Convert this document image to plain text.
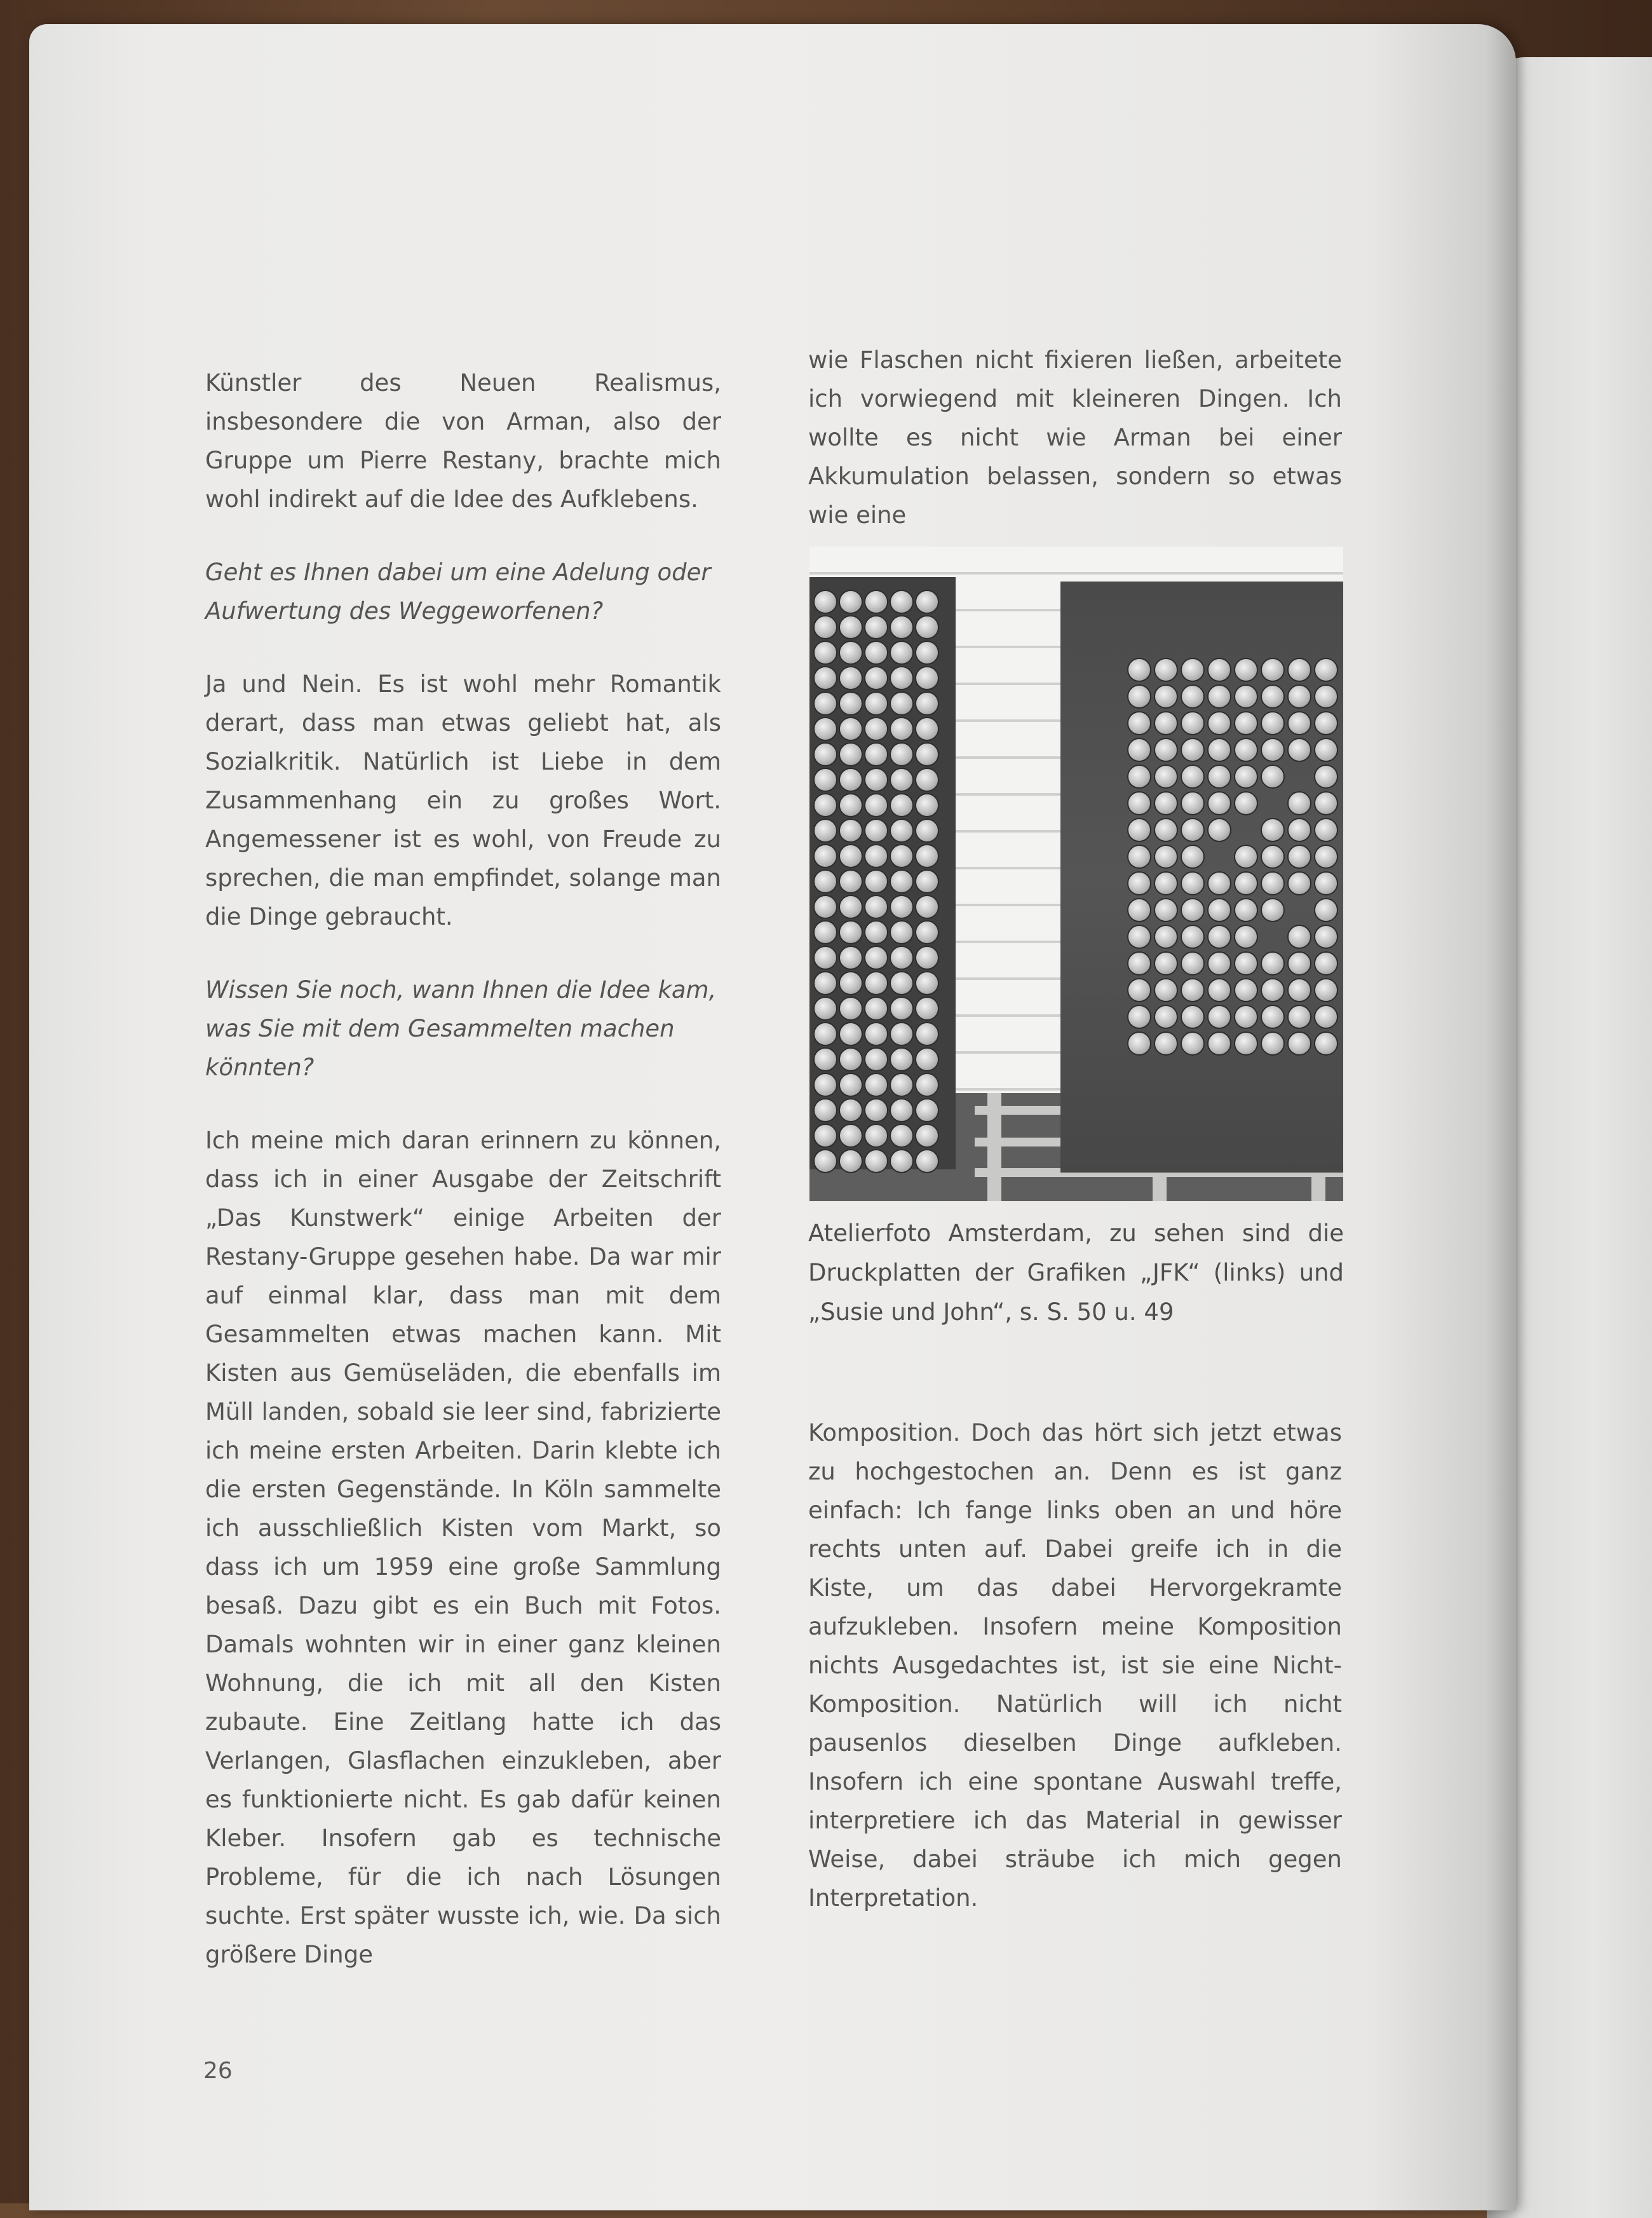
Künstler des Neuen Realismus, insbesondere die von Arman, also der Gruppe um Pierre Restany, brachte mich wohl indirekt auf die Idee des Aufklebens.

Geht es Ihnen dabei um eine Adelung oder Aufwertung des Weggeworfenen?

Ja und Nein. Es ist wohl mehr Romantik derart, dass man etwas geliebt hat, als Sozialkritik. Natürlich ist Liebe in dem Zusammenhang ein zu großes Wort. Angemessener ist es wohl, von Freude zu sprechen, die man empfindet, solange man die Dinge gebraucht.

Wissen Sie noch, wann Ihnen die Idee kam, was Sie mit dem Gesammelten machen könnten?

Ich meine mich daran erinnern zu können, dass ich in einer Ausgabe der Zeitschrift „Das Kunstwerk“ einige Arbeiten der Restany-Gruppe gesehen habe. Da war mir auf einmal klar, dass man mit dem Gesammelten etwas machen kann. Mit Kisten aus Gemüseläden, die ebenfalls im Müll landen, sobald sie leer sind, fabrizierte ich meine ersten Arbeiten. Darin klebte ich die ersten Gegenstände. In Köln sammelte ich ausschließlich Kisten vom Markt, so dass ich um 1959 eine große Sammlung besaß. Dazu gibt es ein Buch mit Fotos. Damals wohnten wir in einer ganz kleinen Wohnung, die ich mit all den Kisten zubaute. Eine Zeitlang hatte ich das Verlangen, Glasflachen einzukleben, aber es funktionierte nicht. Es gab dafür keinen Kleber. Insofern gab es technische Probleme, für die ich nach Lösungen suchte. Erst später wusste ich, wie. Da sich größere Dinge

wie Flaschen nicht fixieren ließen, arbeitete ich vorwiegend mit kleineren Dingen. Ich wollte es nicht wie Arman bei einer Akkumulation belassen, sondern so etwas wie eine

Atelierfoto Amsterdam, zu sehen sind die Druckplatten der Grafiken „JFK“ (links) und „Susie und John“, s. S. 50 u. 49

Komposition. Doch das hört sich jetzt etwas zu hochgestochen an. Denn es ist ganz einfach: Ich fange links oben an und höre rechts unten auf. Dabei greife ich in die Kiste, um das dabei Hervorgekramte aufzukleben. Insofern meine Komposition nichts Ausgedachtes ist, ist sie eine Nicht-Komposition. Natürlich will ich nicht pausenlos dieselben Dinge aufkleben. Insofern ich eine spontane Auswahl treffe, interpretiere ich das Material in gewisser Weise, dabei sträube ich mich gegen Interpretation.

26
